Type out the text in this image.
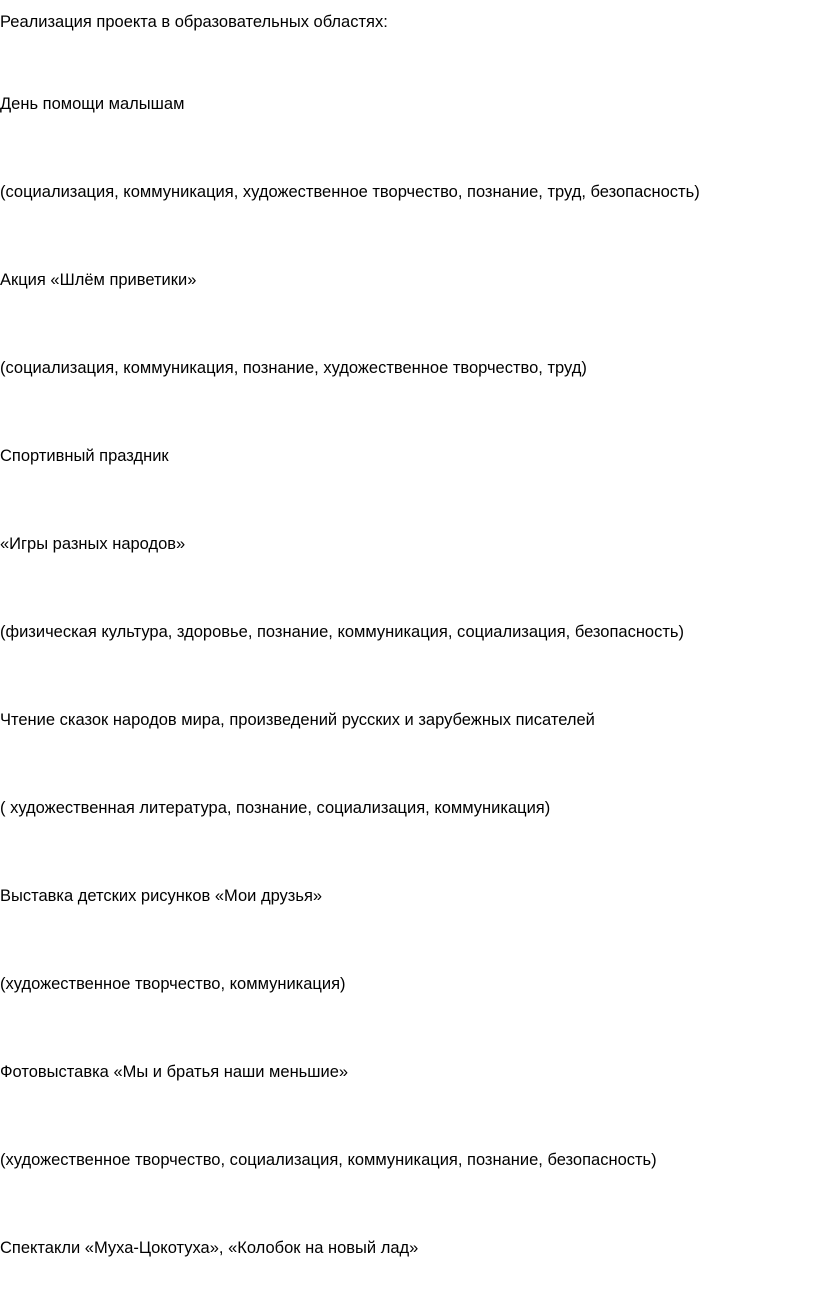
Реализация проекта в образовательных областях:

День помощи малышам

(социализация, коммуникация, художественное творчество, познание, труд, безопасность)

Акция «Шлём приветики»

(социализация, коммуникация, познание, художественное творчество, труд)

Спортивный праздник

«Игры разных народов»

(физическая культура, здоровье, познание, коммуникация, социализация, безопасность)

Чтение сказок народов мира, произведений русских и зарубежных писателей

( художественная литература, познание, социализация, коммуникация)

Выставка детских рисунков «Мои друзья»

(художественное творчество, коммуникация)

Фотовыставка «Мы и братья наши меньшие»

(художественное творчество, социализация, коммуникация, познание, безопасность)

Спектакли «Муха-Цокотуха», «Колобок на новый лад»
